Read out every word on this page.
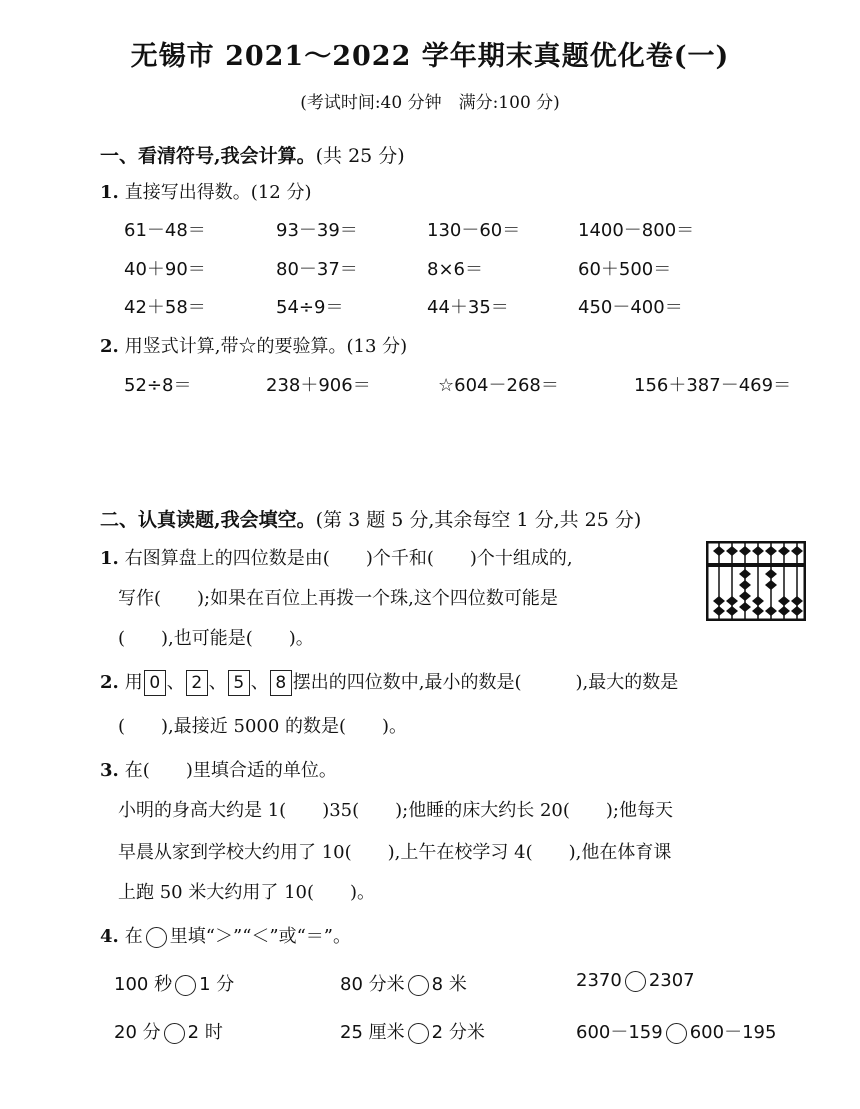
无锡市 2021～2022 学年期末真题优化卷(一)
(考试时间:40 分钟　满分:100 分)
一、看清符号,我会计算。(共 25 分)
1. 直接写出得数。(12 分)
61－48＝	93－39＝	130－60＝	1400－800＝
40＋90＝	80－37＝	8×6＝	60＋500＝
42＋58＝	54÷9＝	44＋35＝	450－400＝
2. 用竖式计算,带☆的要验算。(13 分)
52÷8＝	238＋906＝	☆604－268＝	156＋387－469＝
二、认真读题,我会填空。(第 3 题 5 分,其余每空 1 分,共 25 分)
1. 右图算盘上的四位数是由(　　)个千和(　　)个十组成的,
写作(　　);如果在百位上再拨一个珠,这个四位数可能是
(　　),也可能是(　　)。
2. 用 0 、 2 、 5 、 8 摆出的四位数中,最小的数是(　　　),最大的数是
(　　),最接近 5000 的数是(　　)。
3. 在(　　)里填合适的单位。
小明的身高大约是 1(　　)35(　　);他睡的床大约长 20(　　);他每天
早晨从家到学校大约用了 10(　　),上午在校学习 4(　　),他在体育课
上跑 50 米大约用了 10(　　)。
4. 在 里填“＞”“＜”或“＝”。
100 秒 1 分	80 分米 8 米	2370 2307
20 分 2 时	25 厘米 2 分米	600－159 600－195
